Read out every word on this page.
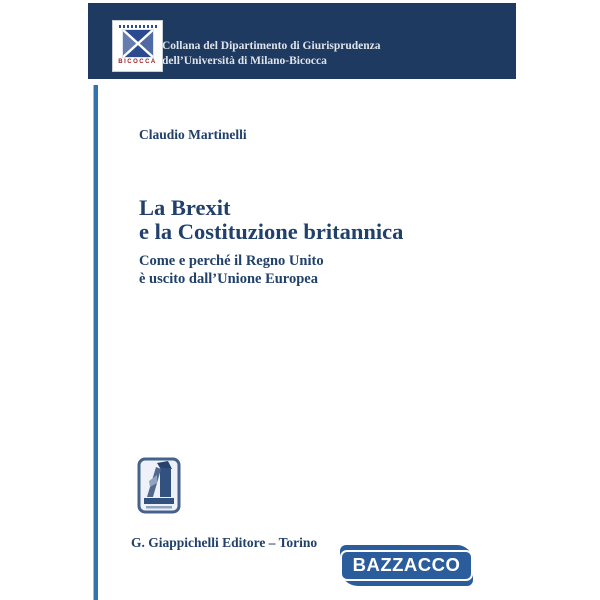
BICOCCA
Collana del Dipartimento di Giurisprudenza
dell’Università di Milano-Bicocca
Claudio Martinelli
La Brexit
e la Costituzione britannica
Come e perché il Regno Unito
è uscito dall’Unione Europea
G. Giappichelli Editore – Torino
BAZZACCO
